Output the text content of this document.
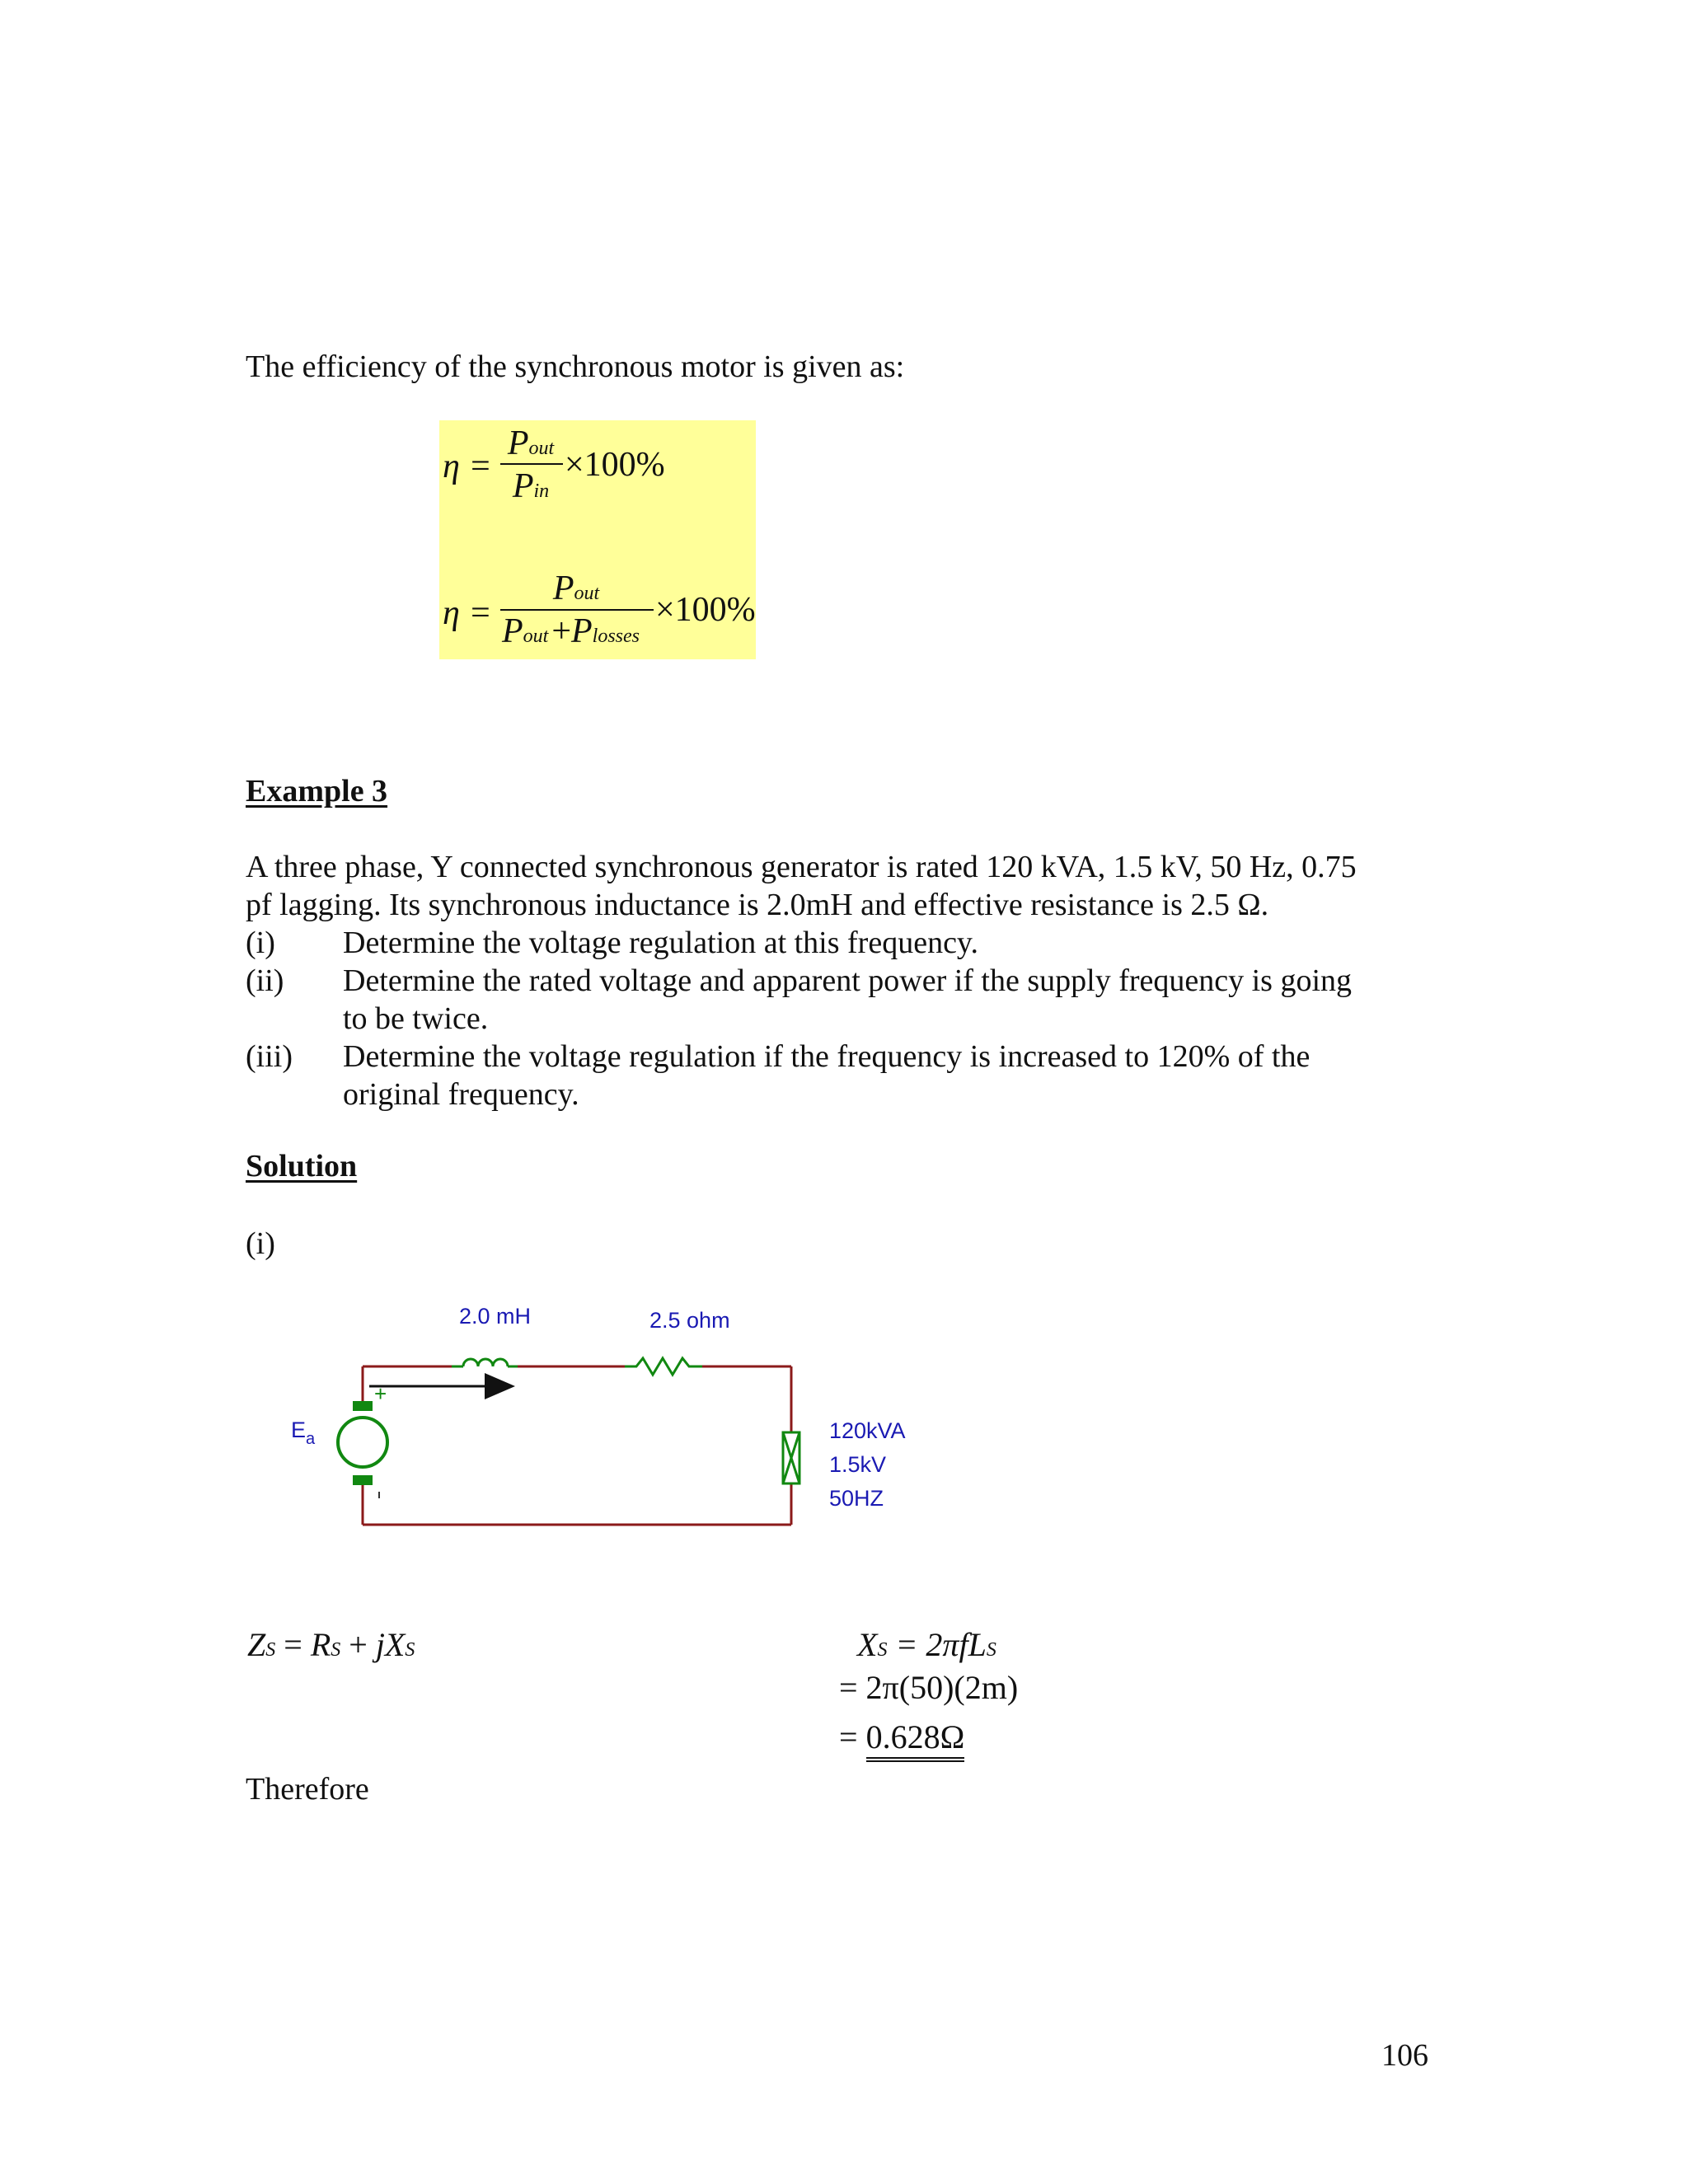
The efficiency of the synchronous motor is given as:
η =
Pout
Pin
×100%
η =
Pout
Pout +Plosses
×100%
Example 3
A three phase, Y connected synchronous generator is rated 120 kVA, 1.5 kV, 50 Hz, 0.75
pf lagging. Its synchronous inductance is 2.0mH and effective resistance is 2.5 Ω.
(i) Determine the voltage regulation at this frequency.
(ii) Determine the rated voltage and apparent power if the supply frequency is going
to be twice.
(iii) Determine the voltage regulation if the frequency is increased to 120% of the
original frequency.
Solution
(i)
+
2.0 mH	2.5 ohm
$E_a$	120kVA
1.5kV
50HZ
ZS = RS + jXS	XS = 2πfLS
= 2π(50)(2m)
= 0.628Ω
Therefore
106
